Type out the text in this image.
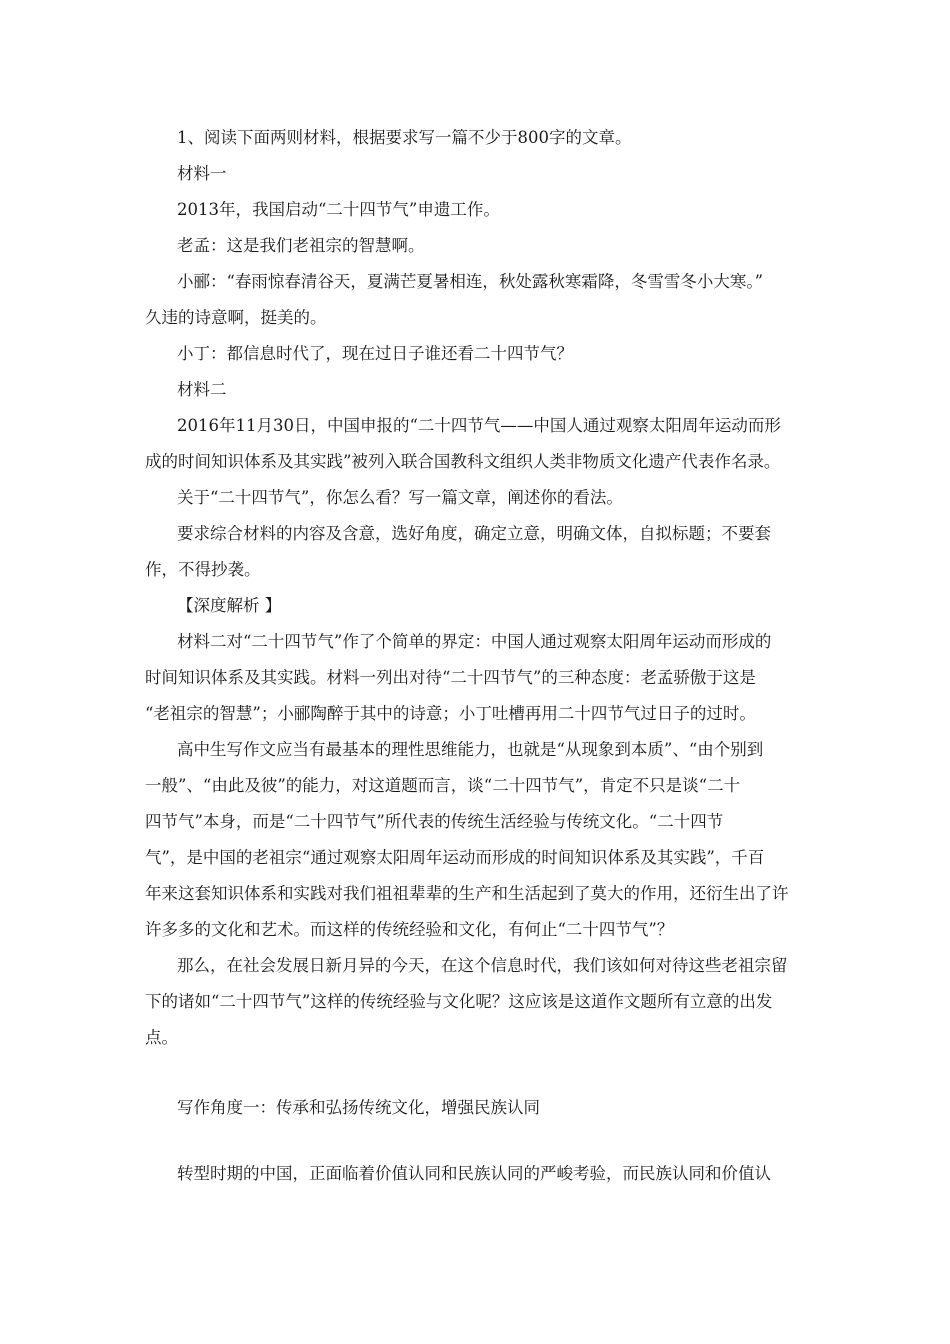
1、阅读下面两则材料，根据要求写一篇不少于800字的文章。
材料一
2013年，我国启动“二十四节气”申遗工作。
老孟：这是我们老祖宗的智慧啊。
小郦：“春雨惊春清谷天，夏满芒夏暑相连，秋处露秋寒霜降，冬雪雪冬小大寒。”
久违的诗意啊，挺美的。
小丁：都信息时代了，现在过日子谁还看二十四节气？
材料二
2016年11月30日，中国申报的“二十四节气——中国人通过观察太阳周年运动而形
成的时间知识体系及其实践”被列入联合国教科文组织人类非物质文化遗产代表作名录。
关于“二十四节气”，你怎么看？写一篇文章，阐述你的看法。
要求综合材料的内容及含意，选好角度，确定立意，明确文体，自拟标题；不要套
作，不得抄袭。
【深度解析 】
材料二对“二十四节气”作了个简单的界定：中国人通过观察太阳周年运动而形成的
时间知识体系及其实践。材料一列出对待“二十四节气”的三种态度：老孟骄傲于这是
“老祖宗的智慧”；小郦陶醉于其中的诗意；小丁吐槽再用二十四节气过日子的过时。
高中生写作文应当有最基本的理性思维能力，也就是“从现象到本质”、“由个别到
一般”、“由此及彼”的能力，对这道题而言，谈“二十四节气”，肯定不只是谈“二十
四节气”本身，而是“二十四节气”所代表的传统生活经验与传统文化。“二十四节
气”，是中国的老祖宗“通过观察太阳周年运动而形成的时间知识体系及其实践”，千百
年来这套知识体系和实践对我们祖祖辈辈的生产和生活起到了莫大的作用，还衍生出了许
许多多的文化和艺术。而这样的传统经验和文化，有何止“二十四节气”？
那么，在社会发展日新月异的今天，在这个信息时代，我们该如何对待这些老祖宗留
下的诸如“二十四节气”这样的传统经验与文化呢？这应该是这道作文题所有立意的出发
点。
写作角度一：传承和弘扬传统文化，增强民族认同
转型时期的中国，正面临着价值认同和民族认同的严峻考验，而民族认同和价值认
